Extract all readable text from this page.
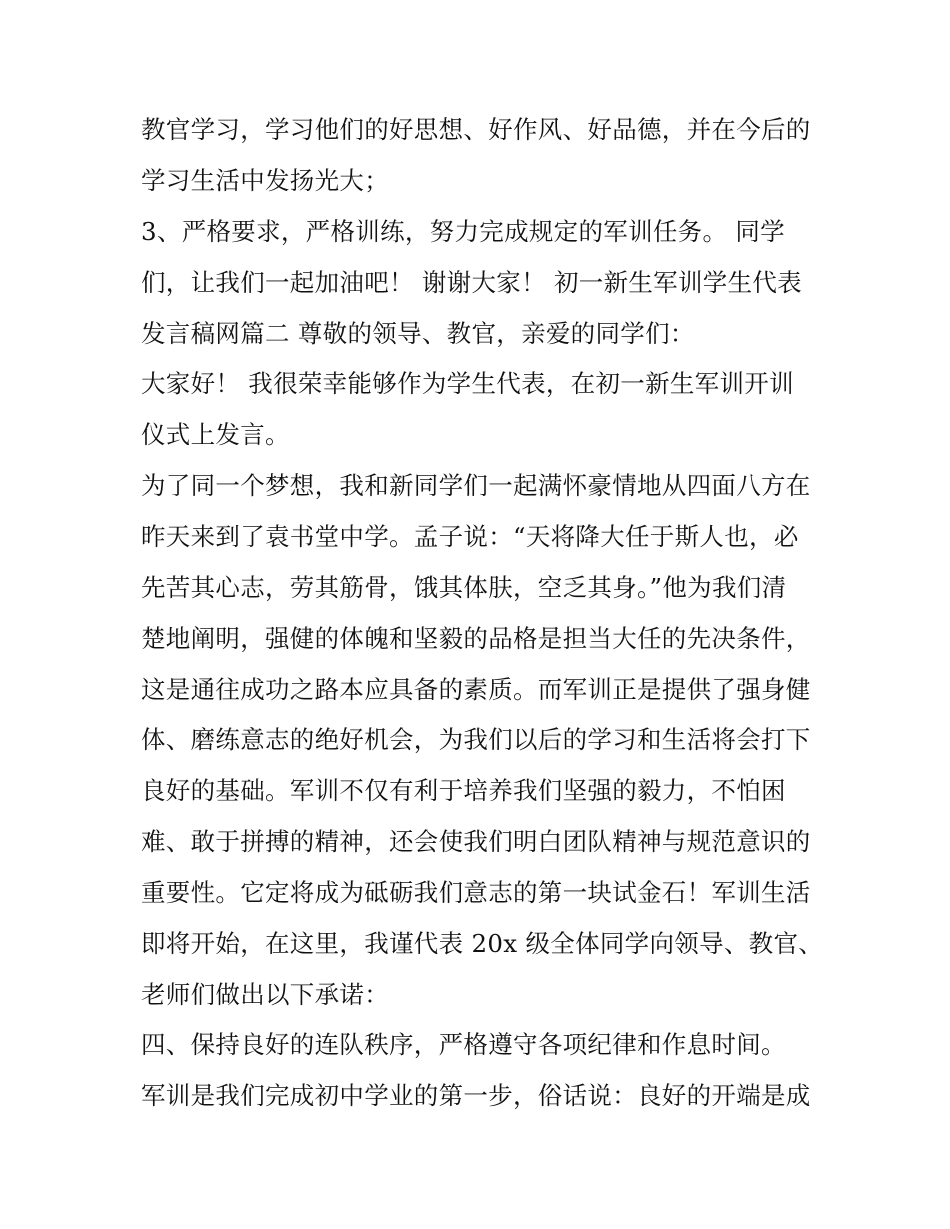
教官学习，学习他们的好思想、好作风、好品德，并在今后的
学习生活中发扬光大；
3、严格要求，严格训练，努力完成规定的军训任务。 同学
们，让我们一起加油吧！ 谢谢大家！ 初一新生军训学生代表
发言稿网篇二 尊敬的领导、教官，亲爱的同学们：
大家好！ 我很荣幸能够作为学生代表，在初一新生军训开训
仪式上发言。
为了同一个梦想，我和新同学们一起满怀豪情地从四面八方在
昨天来到了袁书堂中学。孟子说：“天将降大任于斯人也，必
先苦其心志，劳其筋骨，饿其体肤，空乏其身。”他为我们清
楚地阐明，强健的体魄和坚毅的品格是担当大任的先决条件，
这是通往成功之路本应具备的素质。而军训正是提供了强身健
体、磨练意志的绝好机会，为我们以后的学习和生活将会打下
良好的基础。军训不仅有利于培养我们坚强的毅力，不怕困
难、敢于拼搏的精神，还会使我们明白团队精神与规范意识的
重要性。它定将成为砥砺我们意志的第一块试金石！军训生活
即将开始，在这里，我谨代表 20x 级全体同学向领导、教官、
老师们做出以下承诺：
四、保持良好的连队秩序，严格遵守各项纪律和作息时间。
军训是我们完成初中学业的第一步，俗话说：良好的开端是成
